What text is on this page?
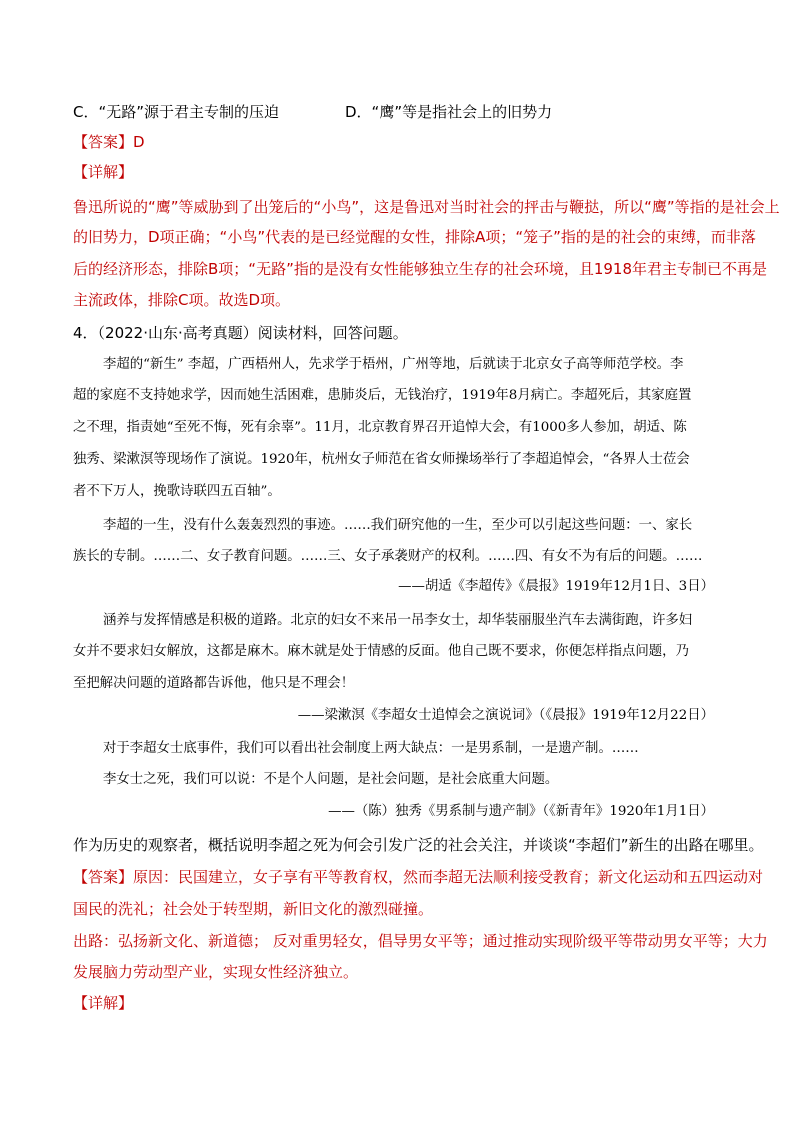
C．“无路”源于君主专制的压迫	D．“鹰”等是指社会上的旧势力
【答案】D
【详解】
鲁迅所说的“鹰”等威胁到了出笼后的“小鸟”，这是鲁迅对当时社会的抨击与鞭挞，所以“鹰”等指的是社会上
的旧势力，D项正确；“小鸟”代表的是已经觉醒的女性，排除A项；“笼子”指的是的社会的束缚，而非落
后的经济形态，排除B项；“无路”指的是没有女性能够独立生存的社会环境，且1918年君主专制已不再是
主流政体，排除C项。故选D项。
4．（2022·山东·高考真题）阅读材料，回答问题。
李超的“新生” 李超，广西梧州人，先求学于梧州，广州等地，后就读于北京女子高等师范学校。李
超的家庭不支持她求学，因而她生活困难，患肺炎后，无钱治疗，1919年8月病亡。李超死后，其家庭置
之不理，指责她“至死不悔，死有余辜”。11月，北京教育界召开追悼大会，有1000多人参加，胡适、陈
独秀、梁漱溟等现场作了演说。1920年，杭州女子师范在省女师操场举行了李超追悼会，“各界人士莅会
者不下万人，挽歌诗联四五百轴”。
李超的一生，没有什么轰轰烈烈的事迹。……我们研究他的一生，至少可以引起这些问题：一、家长
族长的专制。……二、女子教育问题。……三、女子承袭财产的权利。……四、有女不为有后的问题。……
——胡适《李超传》《晨报》1919年12月1日、3日）
涵养与发挥情感是积极的道路。北京的妇女不来吊一吊李女士，却华装丽服坐汽车去满街跑，许多妇
女并不要求妇女解放，这都是麻木。麻木就是处于情感的反面。他自己既不要求，你便怎样指点问题，乃
至把解决问题的道路都告诉他，他只是不理会！
——梁漱溟《李超女士追悼会之演说词》（《晨报》1919年12月22日）
对于李超女士底事件，我们可以看出社会制度上两大缺点：一是男系制，一是遗产制。……
李女士之死，我们可以说：不是个人问题，是社会问题，是社会底重大问题。
——（陈）独秀《男系制与遗产制》（《新青年》1920年1月1日）
作为历史的观察者，概括说明李超之死为何会引发广泛的社会关注，并谈谈“李超们”新生的出路在哪里。
【答案】原因：民国建立，女子享有平等教育权，然而李超无法顺利接受教育；新文化运动和五四运动对
国民的洗礼；社会处于转型期，新旧文化的激烈碰撞。
出路：弘扬新文化、新道德； 反对重男轻女，倡导男女平等；通过推动实现阶级平等带动男女平等；大力
发展脑力劳动型产业，实现女性经济独立。
【详解】
